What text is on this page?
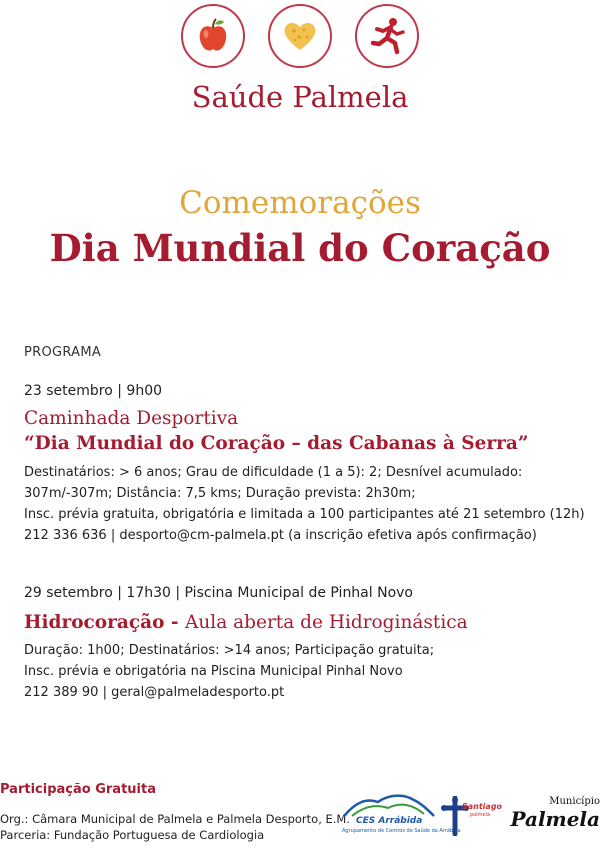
Saúde Palmela
Comemorações
Dia Mundial do Coração
PROGRAMA
23 setembro | 9h00
Caminhada Desportiva
“Dia Mundial do Coração – das Cabanas à Serra”
Destinatários: > 6 anos; Grau de dificuldade (1 a 5): 2; Desnível acumulado:
307m/-307m; Distância: 7,5 kms; Duração prevista: 2h30m;
Insc. prévia gratuita, obrigatória e limitada a 100 participantes até 21 setembro (12h)
212 336 636 | desporto@cm-palmela.pt (a inscrição efetiva após confirmação)
29 setembro | 17h30 | Piscina Municipal de Pinhal Novo
Hidrocoração - Aula aberta de Hidroginástica
Duração: 1h00; Destinatários: >14 anos; Participação gratuita;
Insc. prévia e obrigatória na Piscina Municipal Pinhal Novo
212 389 90 | geral@palmeladesporto.pt
Participação Gratuita
Org.: Câmara Municipal de Palmela e Palmela Desporto, E.M.
Parceria: Fundação Portuguesa de Cardiologia
CES Arrábida
Agrupamento de Centros de Saúde da Arrábida
Santiago
palmela
Município
Palmela
